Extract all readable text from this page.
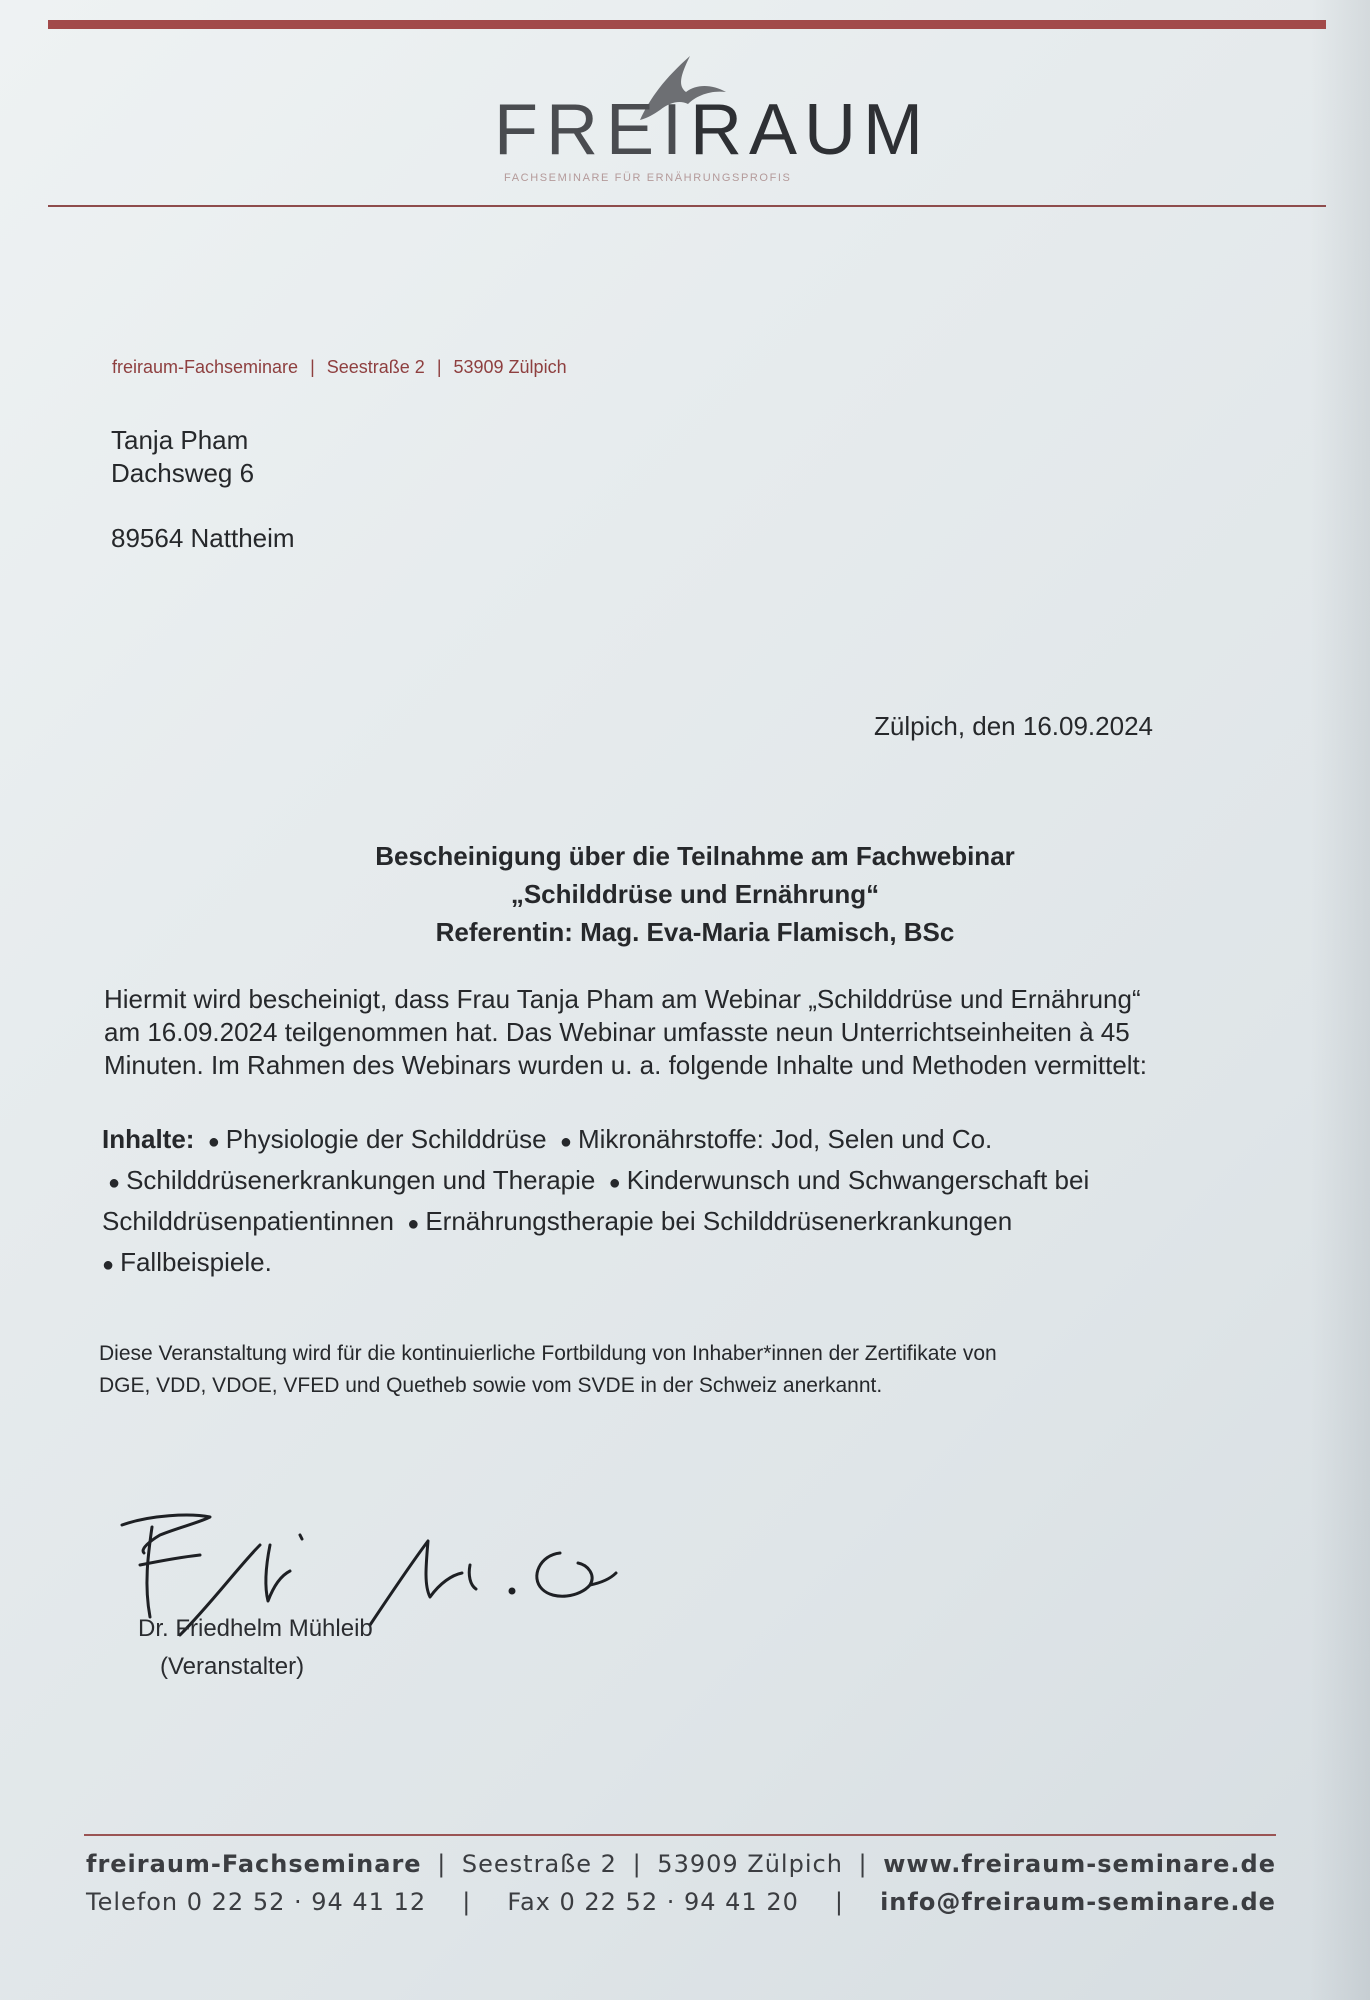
FREIRAUM
FACHSEMINARE FÜR ERNÄHRUNGSPROFIS
freiraum-Fachseminare | Seestraße 2 | 53909 Zülpich
Tanja Pham
Dachsweg 6
89564 Nattheim
Zülpich, den 16.09.2024
Bescheinigung über die Teilnahme am Fachwebinar
„Schilddrüse und Ernährung“
Referentin: Mag. Eva-Maria Flamisch, BSc
Hiermit wird bescheinigt, dass Frau Tanja Pham am Webinar „Schilddrüse und Ernährung“
am 16.09.2024 teilgenommen hat. Das Webinar umfasste neun Unterrichtseinheiten à 45
Minuten. Im Rahmen des Webinars wurden u. a. folgende Inhalte und Methoden vermittelt:
Inhalte: ● Physiologie der Schilddrüse ● Mikronährstoffe: Jod, Selen und Co. ● Schilddrüsenerkrankungen und Therapie ● Kinderwunsch und Schwangerschaft bei Schilddrüsenpatientinnen ● Ernährungstherapie bei Schilddrüsenerkrankungen
● Fallbeispiele.
Diese Veranstaltung wird für die kontinuierliche Fortbildung von Inhaber*innen der Zertifikate von
DGE, VDD, VDOE, VFED und Quetheb sowie vom SVDE in der Schweiz anerkannt.
Dr. Friedhelm Mühleib
(Veranstalter)
freiraum-Fachseminare | Seestraße 2 | 53909 Zülpich | www.freiraum-seminare.de
Telefon 0 22 52 · 94 41 12 | Fax 0 22 52 · 94 41 20 | info@freiraum-seminare.de
